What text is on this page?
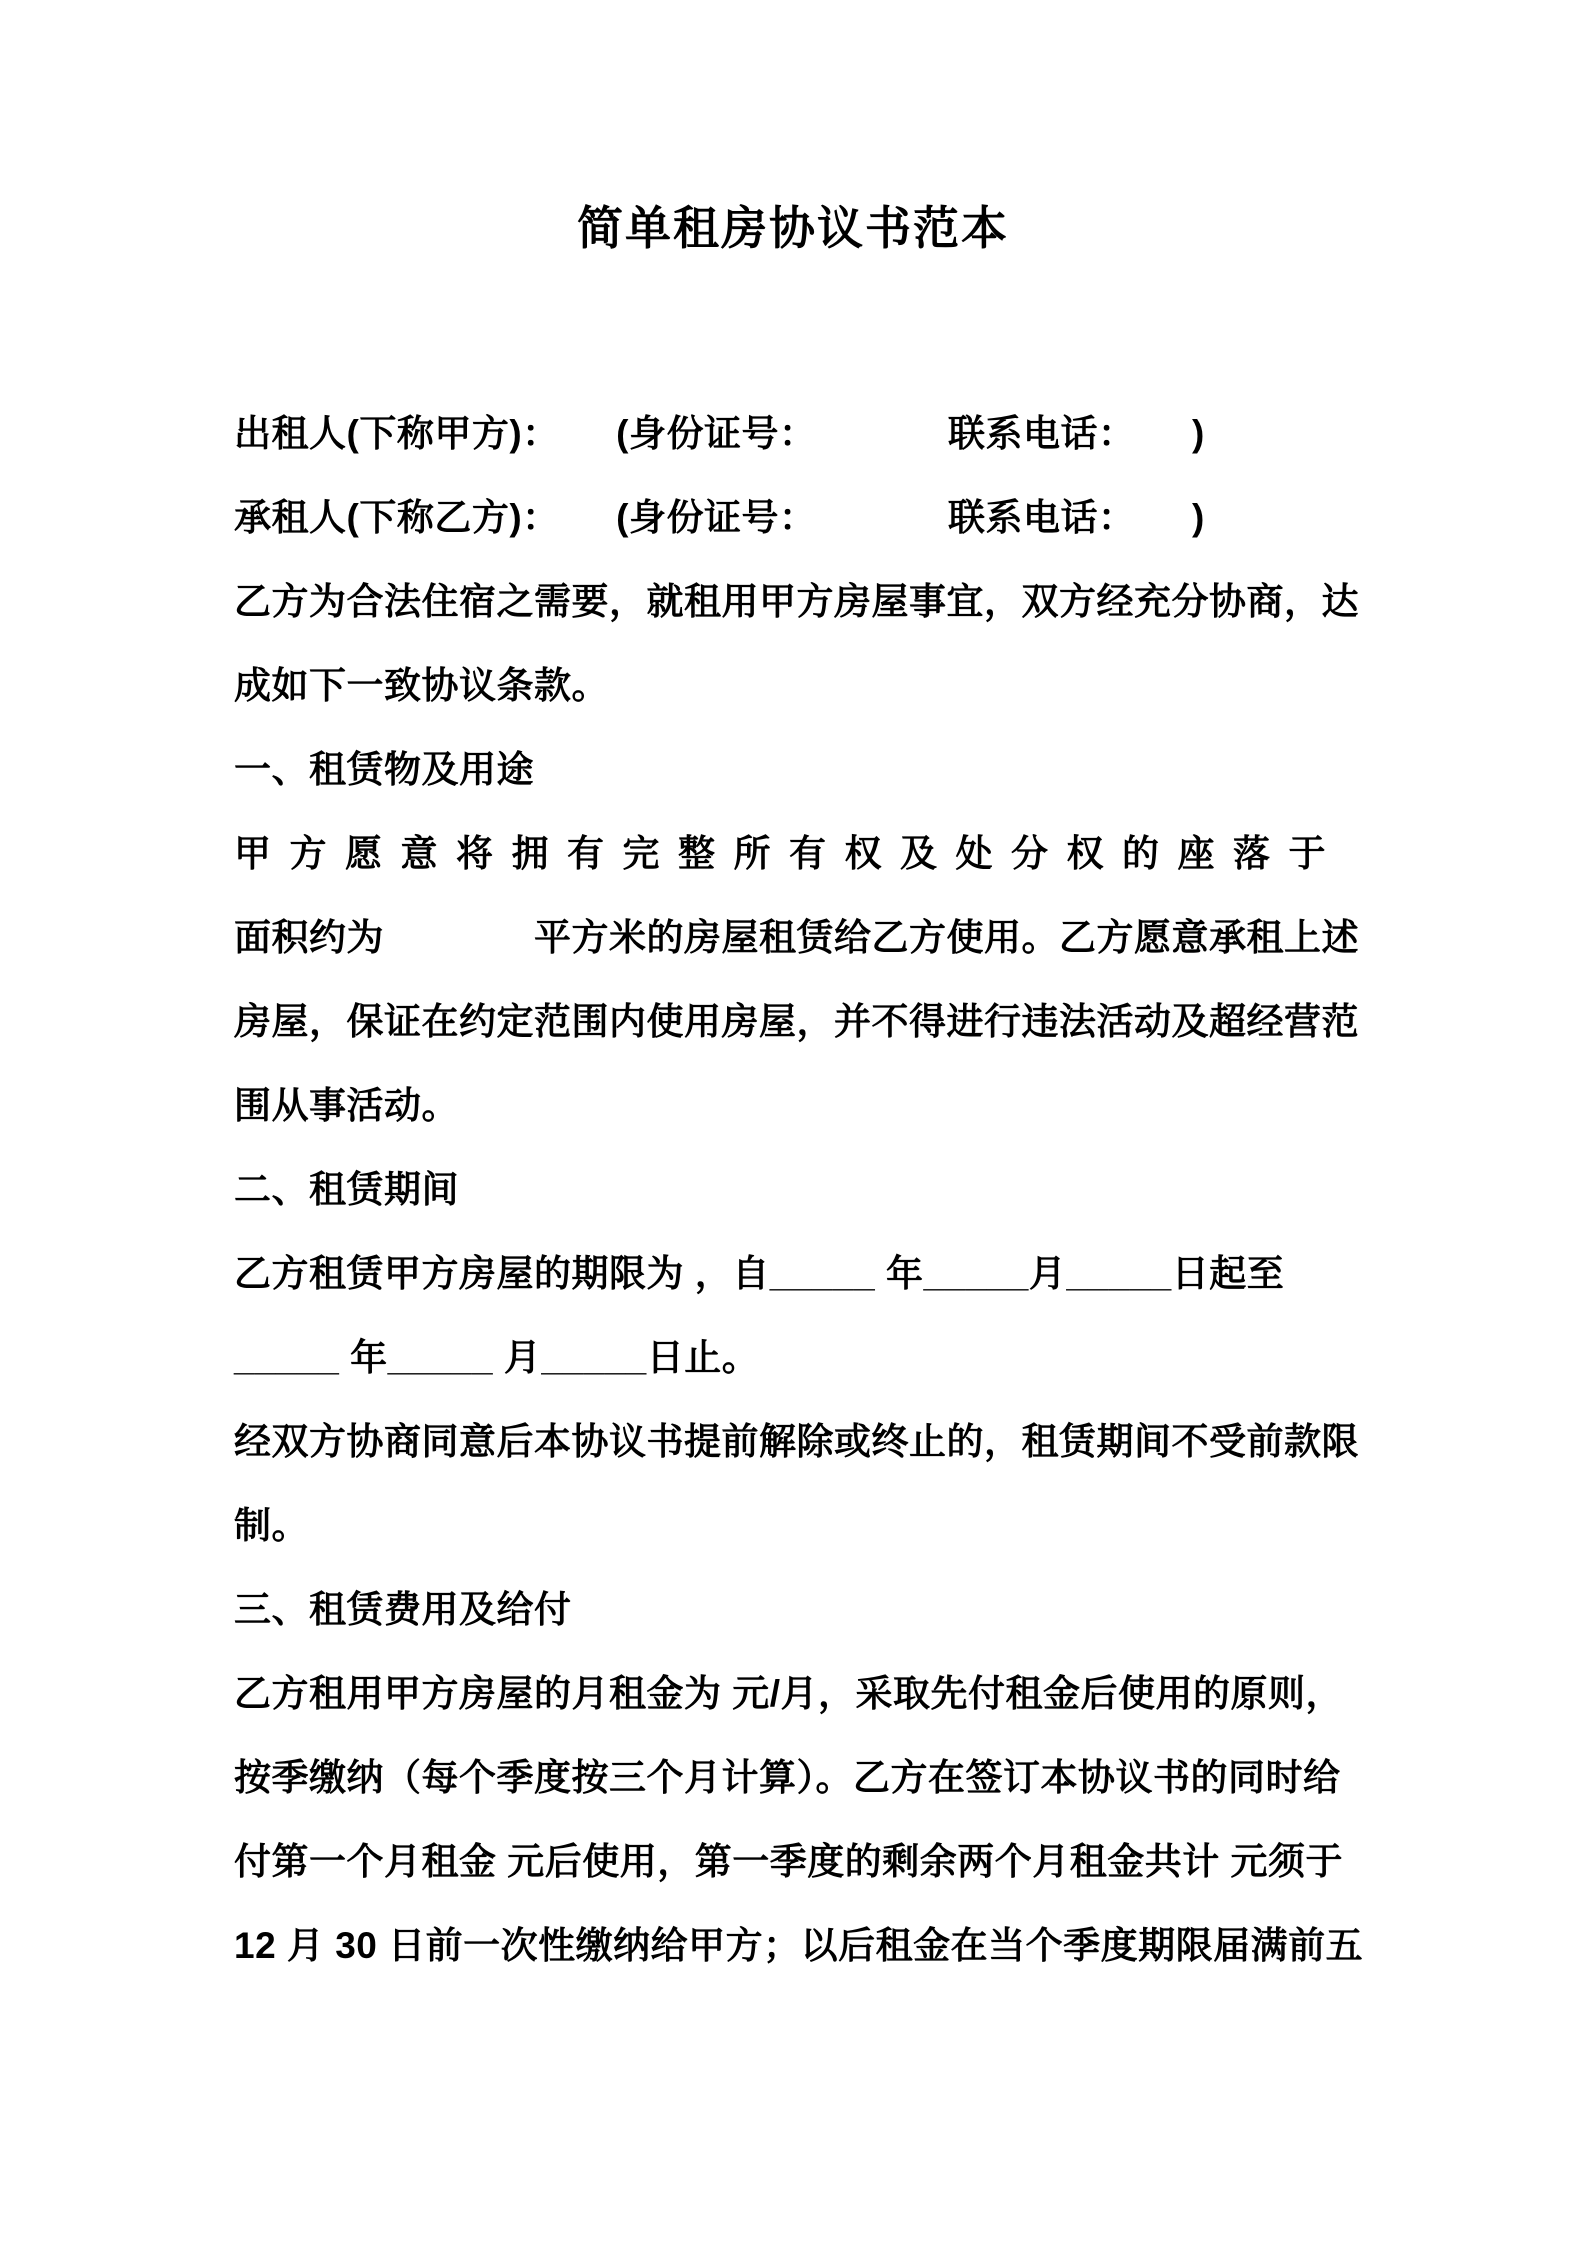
简单租房协议书范本
出租人(下称甲方)：　　(身份证号：　　　　联系电话：　　)
承租人(下称乙方)：　　(身份证号：　　　　联系电话：　　)
乙方为合法住宿之需要，就租用甲方房屋事宜，双方经充分协商，达
成如下一致协议条款。
一、租赁物及用途
甲方愿意将拥有完整所有权及处分权的座落于
面积约为　　　　平方米的房屋租赁给乙方使用。乙方愿意承租上述
房屋，保证在约定范围内使用房屋，并不得进行违法活动及超经营范
围从事活动。
二、租赁期间
乙方租赁甲方房屋的期限为 ，自_____ 年_____月_____日起至
_____ 年_____ 月_____日止。
经双方协商同意后本协议书提前解除或终止的，租赁期间不受前款限
制。
三、租赁费用及给付
乙方租用甲方房屋的月租金为 元/月，采取先付租金后使用的原则，
按季缴纳（每个季度按三个月计算）。乙方在签订本协议书的同时给
付第一个月租金 元后使用，第一季度的剩余两个月租金共计 元须于
12 月 30 日前一次性缴纳给甲方；以后租金在当个季度期限届满前五
